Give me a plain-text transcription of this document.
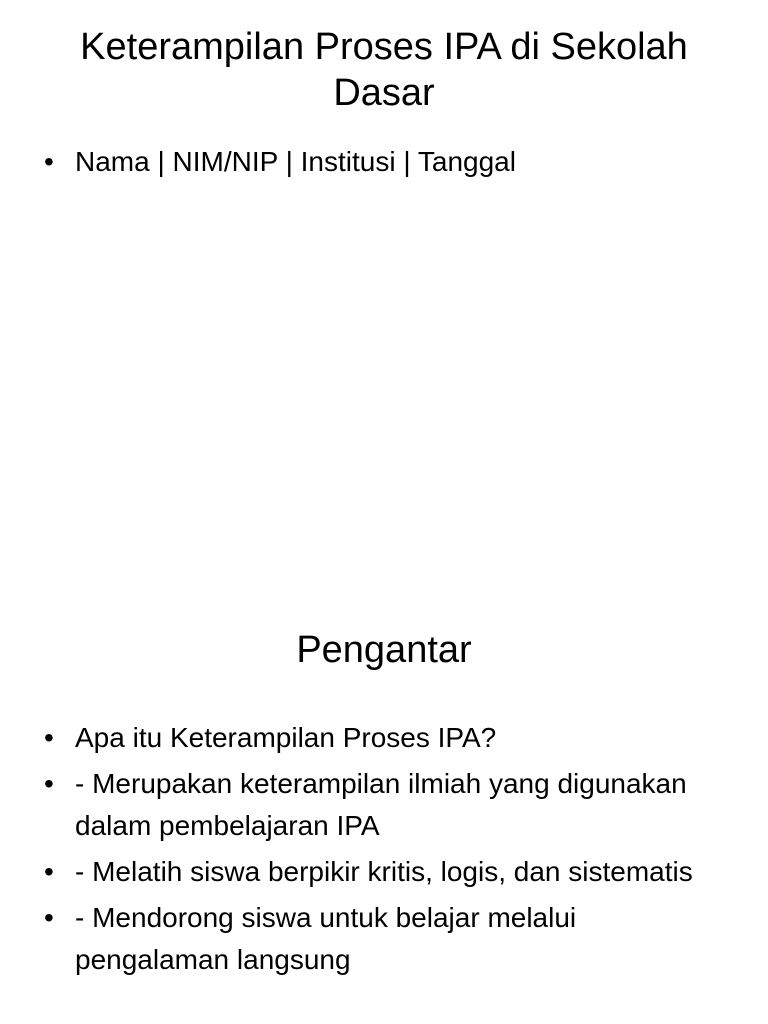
Keterampilan Proses IPA di Sekolah Dasar
• Nama | NIM/NIP | Institusi | Tanggal
Pengantar
• Apa itu Keterampilan Proses IPA?
• - Merupakan keterampilan ilmiah yang digunakan dalam pembelajaran IPA
• - Melatih siswa berpikir kritis, logis, dan sistematis
• - Mendorong siswa untuk belajar melalui pengalaman langsung
